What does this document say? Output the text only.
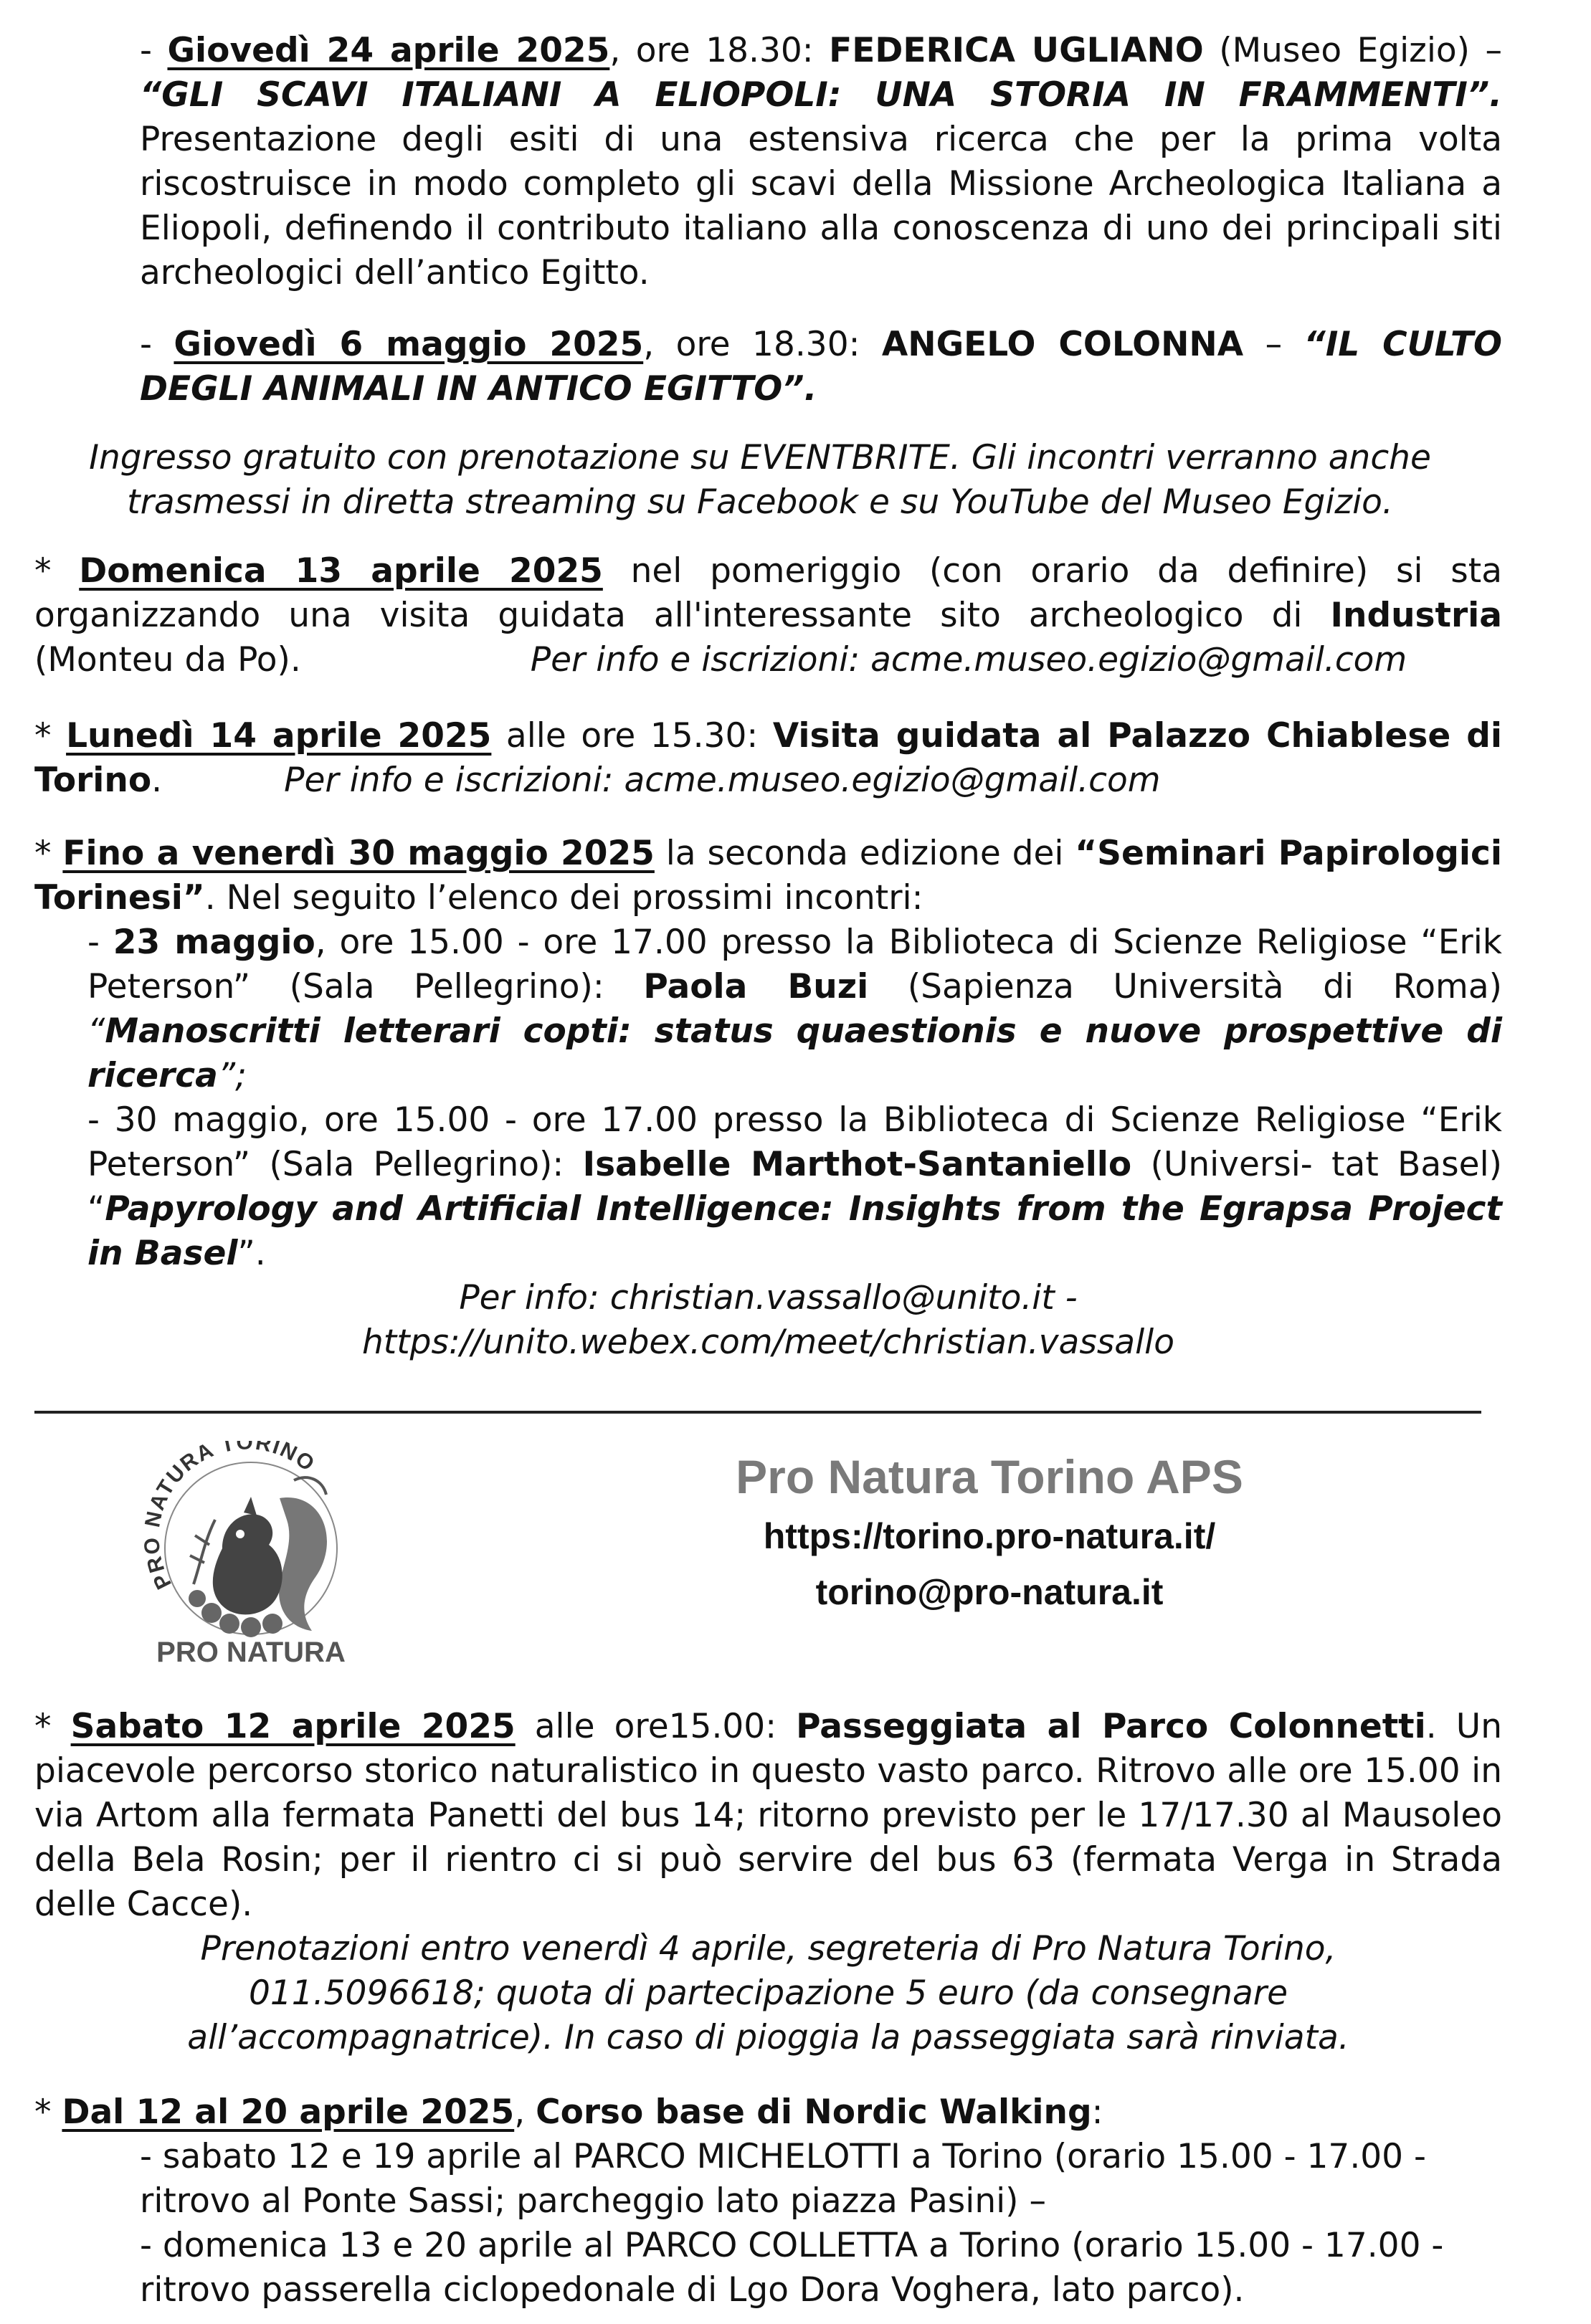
- Giovedì 24 aprile 2025, ore 18.30: FEDERICA UGLIANO (Museo Egizio) – “GLI SCAVI ITALIANI A ELIOPOLI: UNA STORIA IN FRAMMENTI”. Presentazione degli esiti di una estensiva ricerca che per la prima volta riscostruisce in modo completo gli scavi della Missione Archeologica Italiana a Eliopoli, definendo il contributo italiano alla conoscenza di uno dei principali siti archeologici dell’antico Egitto.
- Giovedì 6 maggio 2025, ore 18.30: ANGELO COLONNA – “IL CULTO DEGLI ANIMALI IN ANTICO EGITTO”.
Ingresso gratuito con prenotazione su EVENTBRITE. Gli incontri verranno anche
trasmessi in diretta streaming su Facebook e su YouTube del Museo Egizio.
* Domenica 13 aprile 2025 nel pomeriggio (con orario da definire) si sta organizzando una visita guidata all'interessante sito archeologico di Industria (Monteu da Po).	Per info e iscrizioni: acme.museo.egizio@gmail.com
* Lunedì 14 aprile 2025 alle ore 15.30: Visita guidata al Palazzo Chiablese di Torino.	Per info e iscrizioni: acme.museo.egizio@gmail.com
* Fino a venerdì 30 maggio 2025 la seconda edizione dei “Seminari Papirologici Torinesi”. Nel seguito l’elenco dei prossimi incontri:
- 23 maggio, ore 15.00 - ore 17.00 presso la Biblioteca di Scienze Religiose “Erik Peterson” (Sala Pellegrino): Paola Buzi (Sapienza Università di Roma) “Manoscritti letterari copti: status quaestionis e nuove prospettive di ricerca”;
- 30 maggio, ore 15.00 - ore 17.00 presso la Biblioteca di Scienze Religiose “Erik Peterson” (Sala Pellegrino): Isabelle Marthot-Santaniello (Universi- tat Basel) “Papyrology and Artificial Intelligence: Insights from the Egrapsa Project in Basel”.
Per info: christian.vassallo@unito.it -
https://unito.webex.com/meet/christian.vassallo
PR ATURA TORINO
PRO NATURA
Pro Natura Torino APS
https://torino.pro-natura.it/
torino@pro-natura.it
* Sabato 12 aprile 2025 alle ore15.00: Passeggiata al Parco Colonnetti. Un piacevole percorso storico naturalistico in questo vasto parco. Ritrovo alle ore 15.00 in via Artom alla fermata Panetti del bus 14; ritorno previsto per le 17/17.30 al Mausoleo della Bela Rosin; per il rientro ci si può servire del bus 63 (fermata Verga in Strada delle Cacce).
Prenotazioni entro venerdì 4 aprile, segreteria di Pro Natura Torino,
011.5096618; quota di partecipazione 5 euro (da consegnare
all’accompagnatrice). In caso di pioggia la passeggiata sarà rinviata.
* Dal 12 al 20 aprile 2025, Corso base di Nordic Walking:
- sabato 12 e 19 aprile al PARCO MICHELOTTI a Torino (orario 15.00 - 17.00 - ritrovo al Ponte Sassi; parcheggio lato piazza Pasini) –
- domenica 13 e 20 aprile al PARCO COLLETTA a Torino (orario 15.00 - 17.00 -ritrovo passerella ciclopedonale di Lgo Dora Voghera, lato parco).
